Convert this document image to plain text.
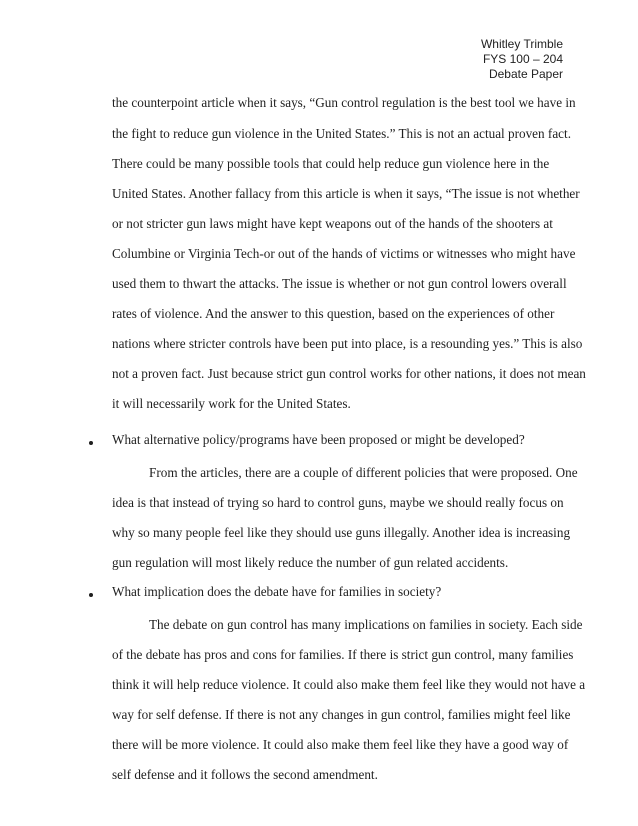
Whitley Trimble
FYS 100 – 204
Debate Paper
the counterpoint article when it says, “Gun control regulation is the best tool we have in
the fight to reduce gun violence in the United States.” This is not an actual proven fact.
There could be many possible tools that could help reduce gun violence here in the
United States. Another fallacy from this article is when it says, “The issue is not whether
or not stricter gun laws might have kept weapons out of the hands of the shooters at
Columbine or Virginia Tech-or out of the hands of victims or witnesses who might have
used them to thwart the attacks. The issue is whether or not gun control lowers overall
rates of violence. And the answer to this question, based on the experiences of other
nations where stricter controls have been put into place, is a resounding yes.” This is also
not a proven fact. Just because strict gun control works for other nations, it does not mean
it will necessarily work for the United States.
What alternative policy/programs have been proposed or might be developed?
From the articles, there are a couple of different policies that were proposed. One
idea is that instead of trying so hard to control guns, maybe we should really focus on
why so many people feel like they should use guns illegally. Another idea is increasing
gun regulation will most likely reduce the number of gun related accidents.
What implication does the debate have for families in society?
The debate on gun control has many implications on families in society. Each side
of the debate has pros and cons for families. If there is strict gun control, many families
think it will help reduce violence. It could also make them feel like they would not have a
way for self defense. If there is not any changes in gun control, families might feel like
there will be more violence. It could also make them feel like they have a good way of
self defense and it follows the second amendment.
